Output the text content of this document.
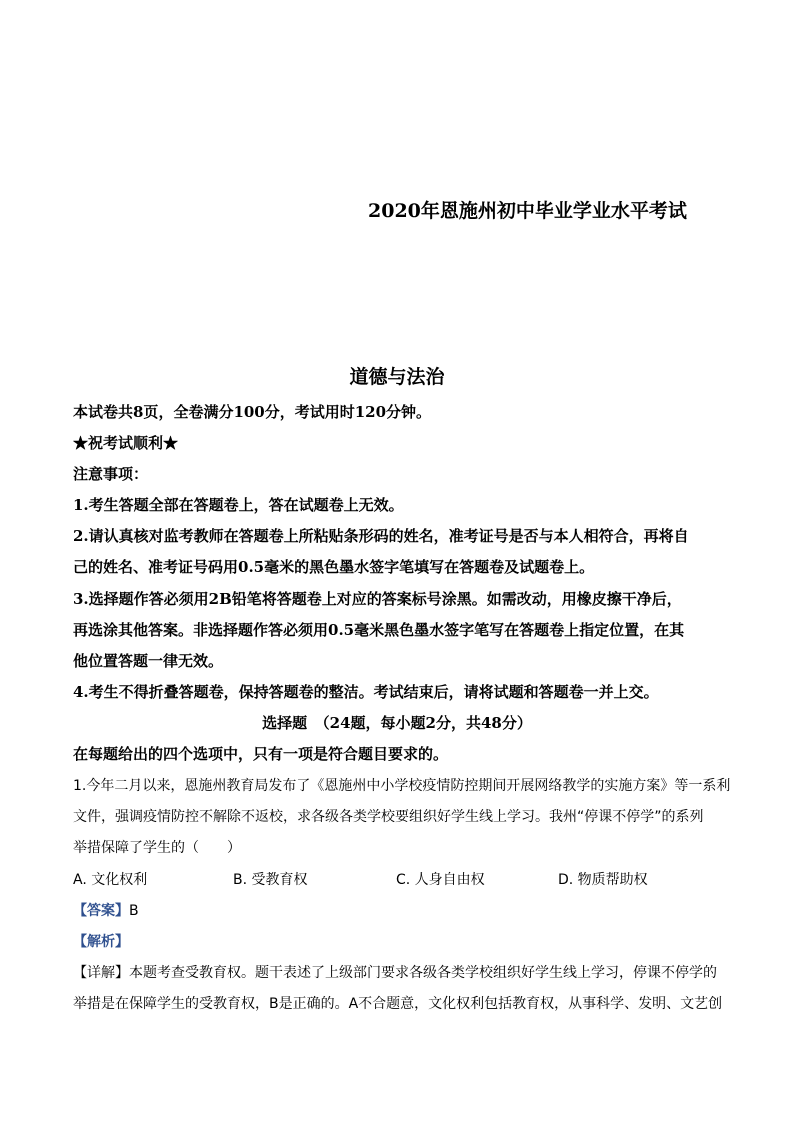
2020年恩施州初中毕业学业水平考试
道德与法治
本试卷共8页，全卷满分100分，考试用时120分钟。
★祝考试顺利★
注意事项：
1.考生答题全部在答题卷上，答在试题卷上无效。
2.请认真核对监考教师在答题卷上所粘贴条形码的姓名，准考证号是否与本人相符合，再将自
己的姓名、准考证号码用0.5毫米的黑色墨水签字笔填写在答题卷及试题卷上。
3.选择题作答必须用2B铅笔将答题卷上对应的答案标号涂黑。如需改动，用橡皮擦干净后，
再选涂其他答案。非选择题作答必须用0.5毫米黑色墨水签字笔写在答题卷上指定位置，在其
他位置答题一律无效。
4.考生不得折叠答题卷，保持答题卷的整洁。考试结束后，请将试题和答题卷一并上交。
选择题　（24题，每小题2分，共48分）
在每题给出的四个选项中，只有一项是符合题目要求的。
1.今年二月以来，恩施州教育局发布了《恩施州中小学校疫情防控期间开展网络教学的实施方案》等一系利
文件，强调疫情防控不解除不返校，求各级各类学校要组织好学生线上学习。我州“停课不停学”的系列
举措保障了学生的（　　）
A. 文化权利	B. 受教育权	C. 人身自由权	D. 物质帮助权
【答案】B
【解析】
【详解】本题考查受教育权。题干表述了上级部门要求各级各类学校组织好学生线上学习，停课不停学的
举措是在保障学生的受教育权，B是正确的。A不合题意，文化权利包括教育权，从事科学、发明、文艺创
